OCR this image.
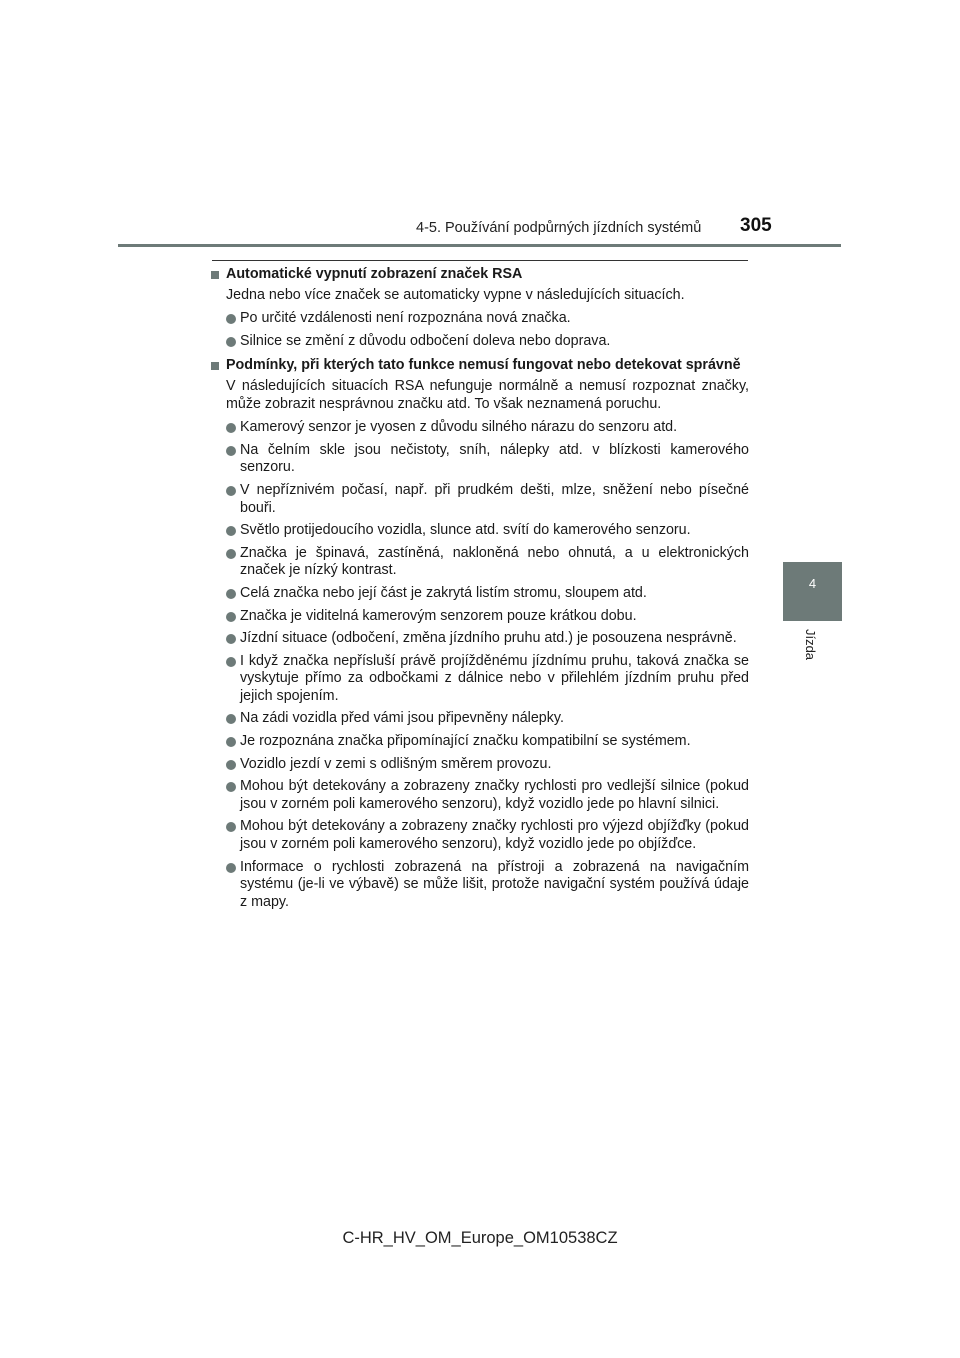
4-5. Používání podpůrných jízdních systémů 305
4
Jízda
Automatické vypnutí zobrazení značek RSA
Jedna nebo více značek se automaticky vypne v následujících situacích.
Po určité vzdálenosti není rozpoznána nová značka.
Silnice se změní z důvodu odbočení doleva nebo doprava.
Podmínky, při kterých tato funkce nemusí fungovat nebo detekovat správně
V následujících situacích RSA nefunguje normálně a nemusí rozpoznat značky, může zobrazit nesprávnou značku atd. To však neznamená poruchu.
Kamerový senzor je vyosen z důvodu silného nárazu do senzoru atd.
Na čelním skle jsou nečistoty, sníh, nálepky atd. v blízkosti kamerového senzoru.
V nepříznivém počasí, např. při prudkém dešti, mlze, sněžení nebo písečné bouři.
Světlo protijedoucího vozidla, slunce atd. svítí do kamerového senzoru.
Značka je špinavá, zastíněná, nakloněná nebo ohnutá, a u elektronických značek je nízký kontrast.
Celá značka nebo její část je zakrytá listím stromu, sloupem atd.
Značka je viditelná kamerovým senzorem pouze krátkou dobu.
Jízdní situace (odbočení, změna jízdního pruhu atd.) je posouzena nesprávně.
I když značka nepřísluší právě projížděnému jízdnímu pruhu, taková značka se vyskytuje přímo za odbočkami z dálnice nebo v přilehlém jízdním pruhu před jejich spojením.
Na zádi vozidla před vámi jsou připevněny nálepky.
Je rozpoznána značka připomínající značku kompatibilní se systémem.
Vozidlo jezdí v zemi s odlišným směrem provozu.
Mohou být detekovány a zobrazeny značky rychlosti pro vedlejší silnice (pokud jsou v zorném poli kamerového senzoru), když vozidlo jede po hlavní silnici.
Mohou být detekovány a zobrazeny značky rychlosti pro výjezd objížďky (pokud jsou v zorném poli kamerového senzoru), když vozidlo jede po objížďce.
Informace o rychlosti zobrazená na přístroji a zobrazená na navigačním systému (je-li ve výbavě) se může lišit, protože navigační systém používá údaje z mapy.
C-HR_HV_OM_Europe_OM10538CZ
